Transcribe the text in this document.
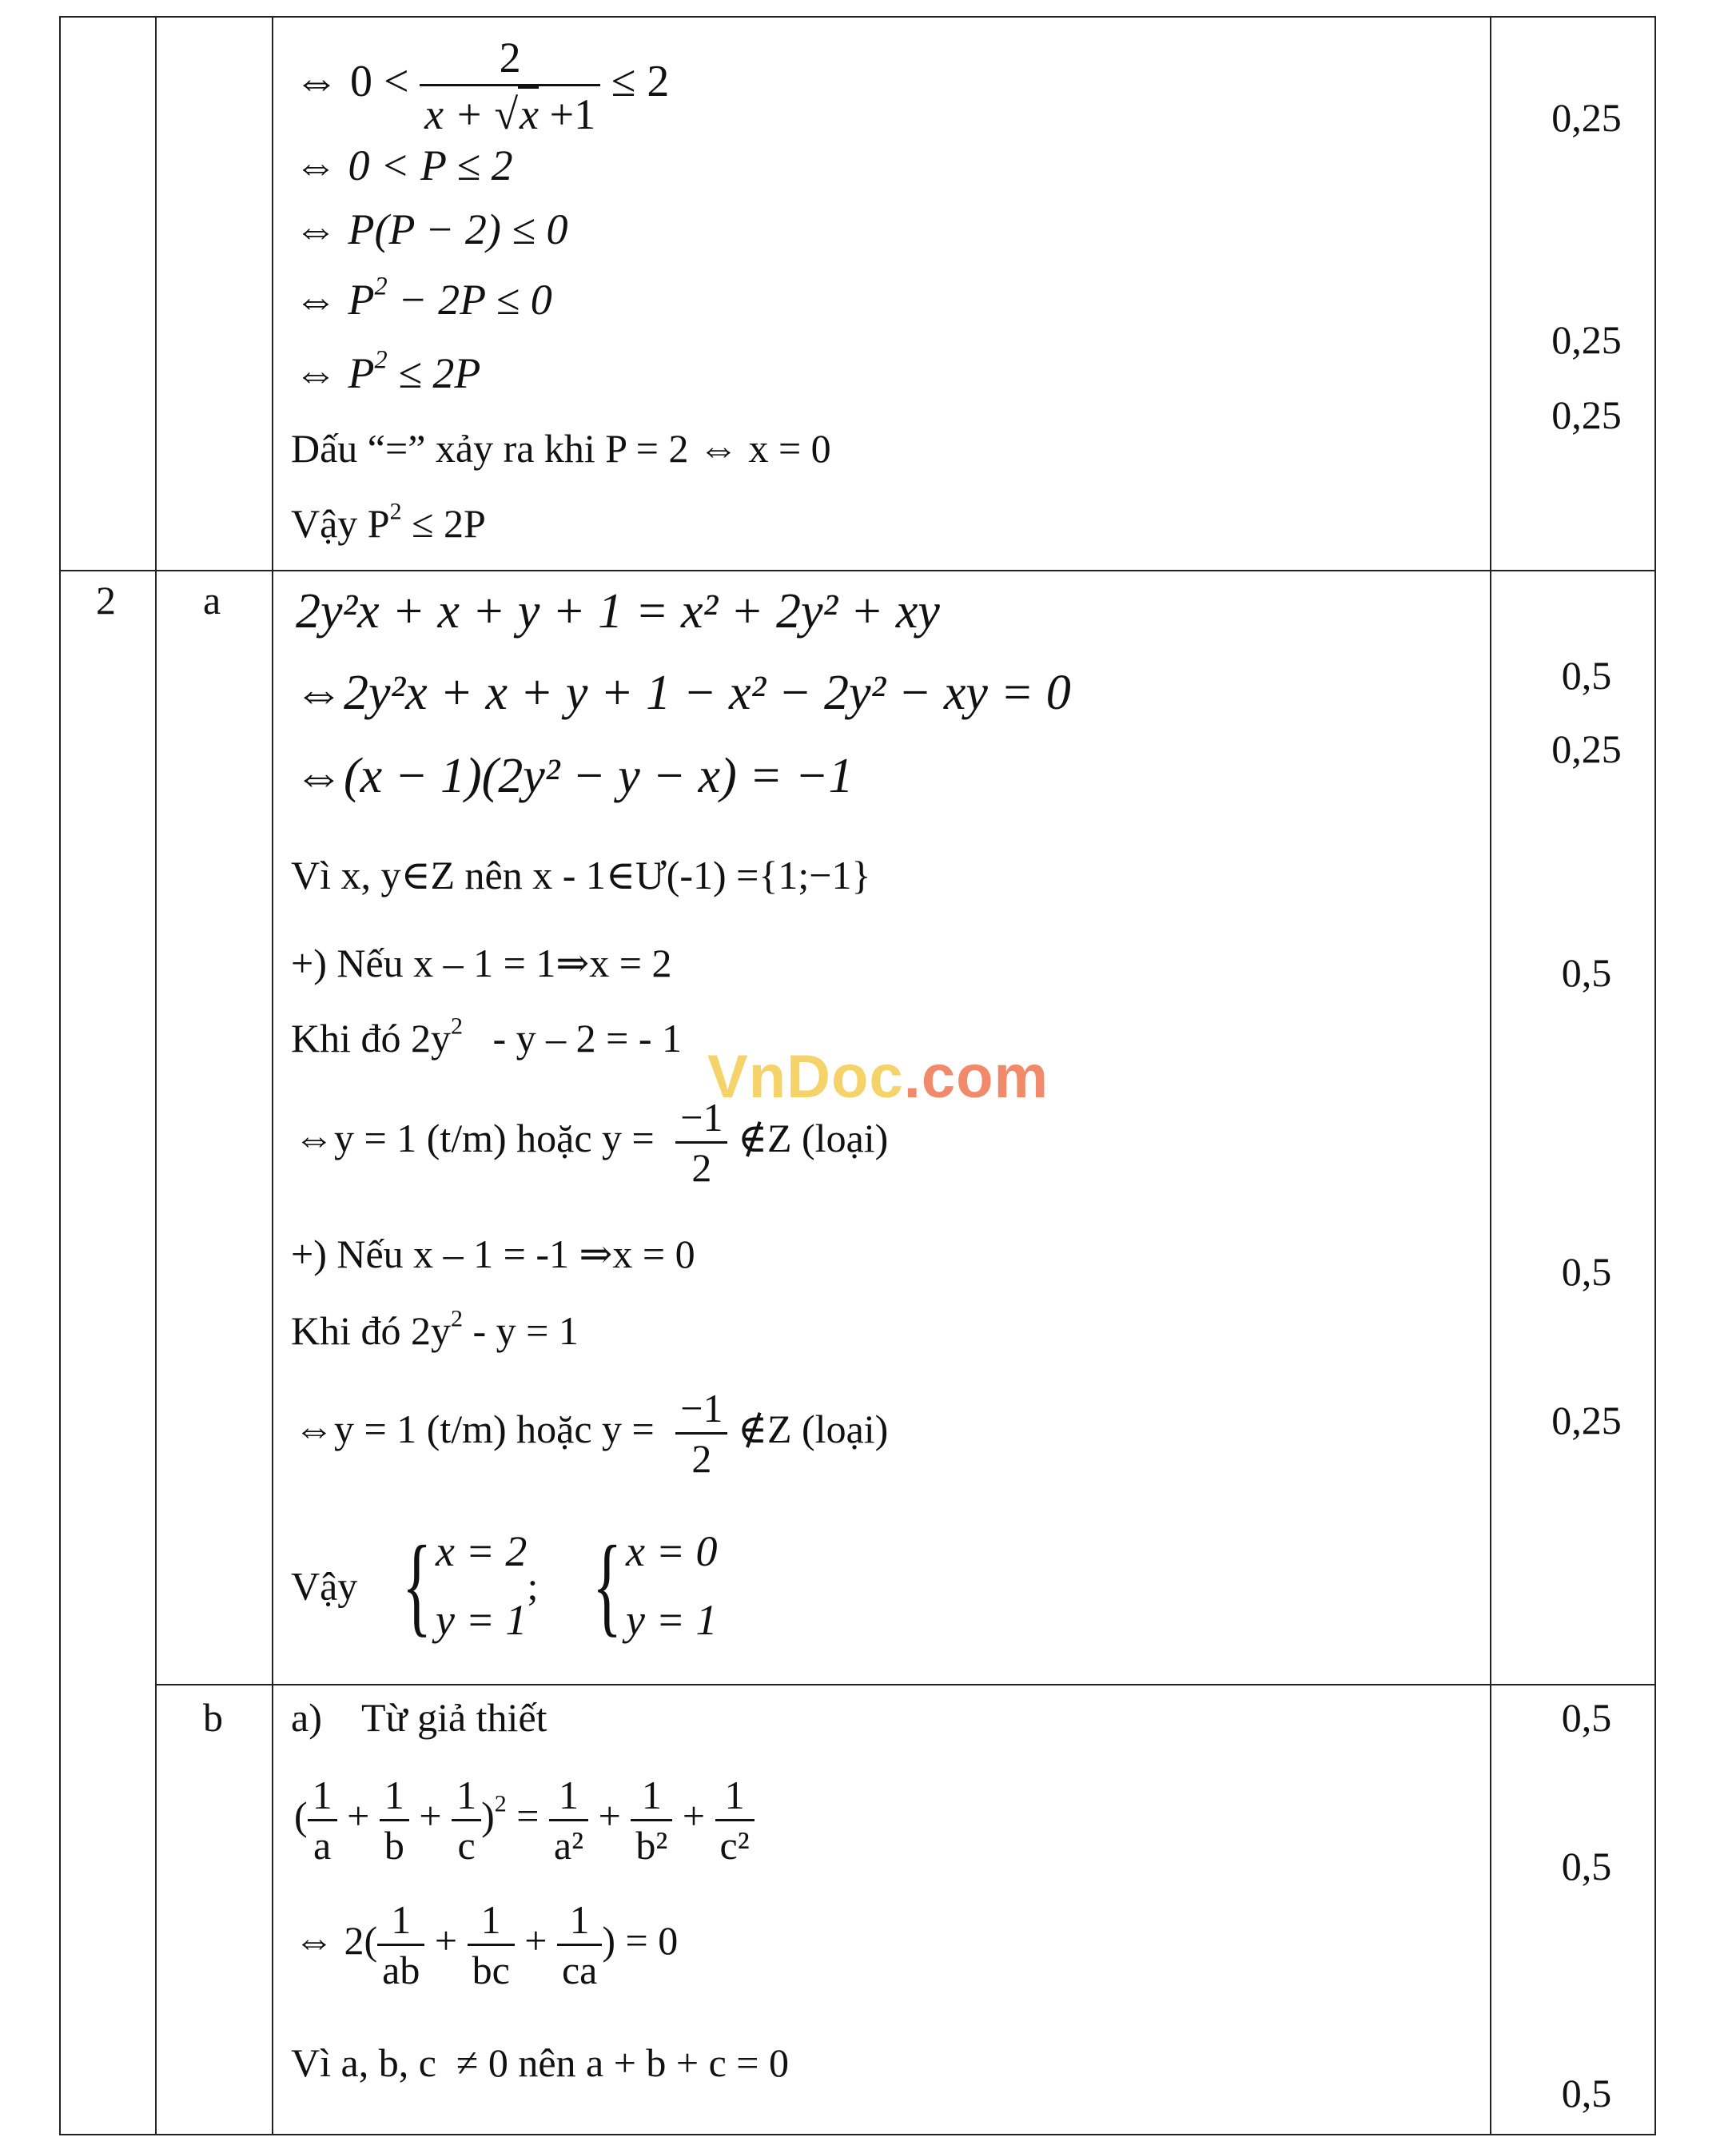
⇔ $0 < \frac{2}{x + √x +1} \le 2$
⇔ 0 < P ≤ 2
⇔ P(P − 2) ≤ 0
⇔ $P^2 - 2P \le 0$
⇔ $P^2 \le 2P$
Dấu “=” xảy ra khi P = 2 ⇔ x = 0
Vậy $P^2 \le 2P$
0,25
0,25
0,25
2 a 2y²x + x + y + 1 = x² + 2y² + xy
⇔2y²x + x + y + 1 − x² − 2y² − xy = 0
⇔(x − 1)(2y² − y − x) = −1
Vì x, y∈Z nên x - 1∈Ư(-1) ={1;−1}
+) Nếu x – 1 = 1⇒x = 2
Khi đó $2y^2$   - y – 2 = - 1
⇔y = 1 (t/m) hoặc $y = \frac{-1}{2}$ ∉Z (loại)
+) Nếu x – 1 = -1 ⇒x = 0
Khi đó $2y^2 - y = 1$
⇔y = 1 (t/m) hoặc $y = \frac{-1}{2}$ ∉Z (loại)
Vậy { x = 2
y = 1
; { x = 0
y = 1
0,5
0,25
0,5
0,5
0,25
b a)    Từ giả thiết
( $\frac{1}{a} + \frac{1}{b} + \frac{1}{c} )^2 = \frac{1}{\text{a²}} + \frac{1}{\text{b²}} + \frac{1}{\text{c²}}$
⇔ $2( \frac{1}{ab} + \frac{1}{bc} + \frac{1}{ca}$ ) = 0
Vì a, b, c  ≠ 0 nên a + b + c = 0
0,5
0,5
0,5
VnDoc.com
